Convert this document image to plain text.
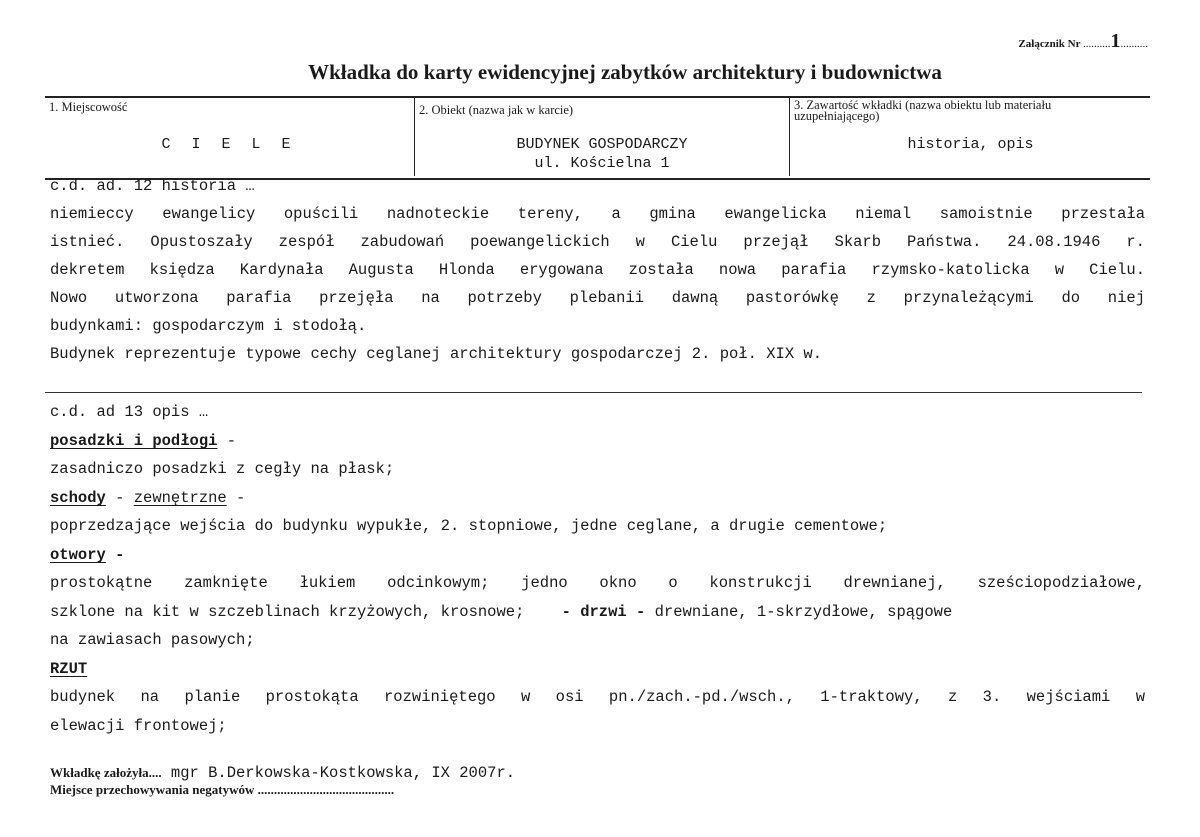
Załącznik Nr ..........1..........
Wkładka do karty ewidencyjnej zabytków architektury i budownictwa
1. Miejscowość
C I E L E
2. Obiekt (nazwa jak w karcie)
BUDYNEK GOSPODARCZY
ul. Kościelna 1
3. Zawartość wkładki (nazwa obiektu lub materiału
uzupełniającego)
historia, opis
c.d. ad. 12 historia …
niemieccy ewangelicy opuścili nadnoteckie tereny, a gmina ewangelicka niemal samoistnie przestała
istnieć. Opustoszały zespół zabudowań poewangelickich w Cielu przejął Skarb Państwa. 24.08.1946 r.
dekretem księdza Kardynała Augusta Hlonda erygowana została nowa parafia rzymsko-katolicka w Cielu.
Nowo utworzona parafia przejęła na potrzeby plebanii dawną pastorówkę z przynależącymi do niej
budynkami: gospodarczym i stodołą.
Budynek reprezentuje typowe cechy ceglanej architektury gospodarczej 2. poł. XIX w.
c.d. ad 13 opis …
posadzki i podłogi -
zasadniczo posadzki z cegły na płask;
schody - zewnętrzne -
poprzedzające wejścia do budynku wypukłe, 2. stopniowe, jedne ceglane, a drugie cementowe;
otwory -
prostokątne zamknięte łukiem odcinkowym; jedno okno o konstrukcji drewnianej, sześciopodziałowe,
szklone na kit w szczeblinach krzyżowych, krosnowe;    - drzwi - drewniane, 1-skrzydłowe, spągowe
na zawiasach pasowych;
RZUT
budynek na planie prostokąta rozwiniętego w osi pn./zach.-pd./wsch., 1-traktowy, z 3. wejściami w
elewacji frontowej;
Wkładkę założyła.... mgr B.Derkowska-Kostkowska, IX 2007r.
Miejsce przechowywania negatywów ..........................................
